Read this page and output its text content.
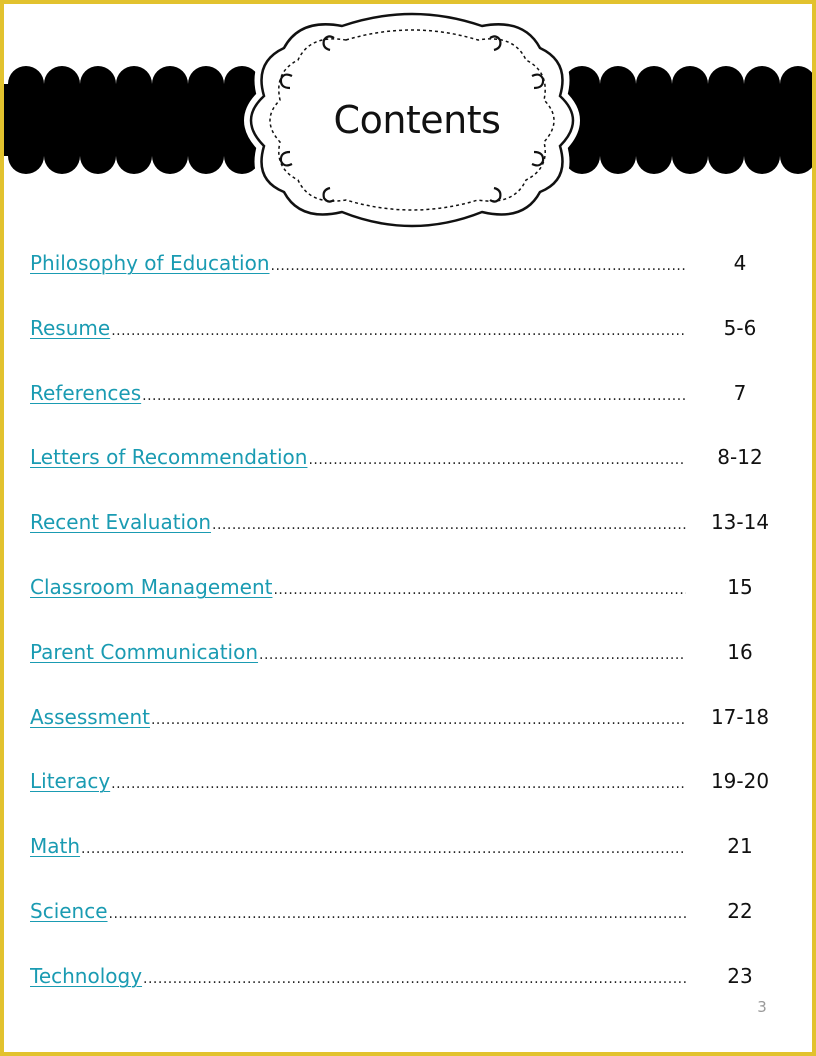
Contents
Philosophy of Education .....	4
Resume .....	5-6
References .....	7
Letters of Recommendation .....	8-12
Recent Evaluation .....	13-14
Classroom Management .....	15
Parent Communication .....	16
Assessment .....	17-18
Literacy .....	19-20
Math .....	21
Science .....	22
Technology .....	23
3
